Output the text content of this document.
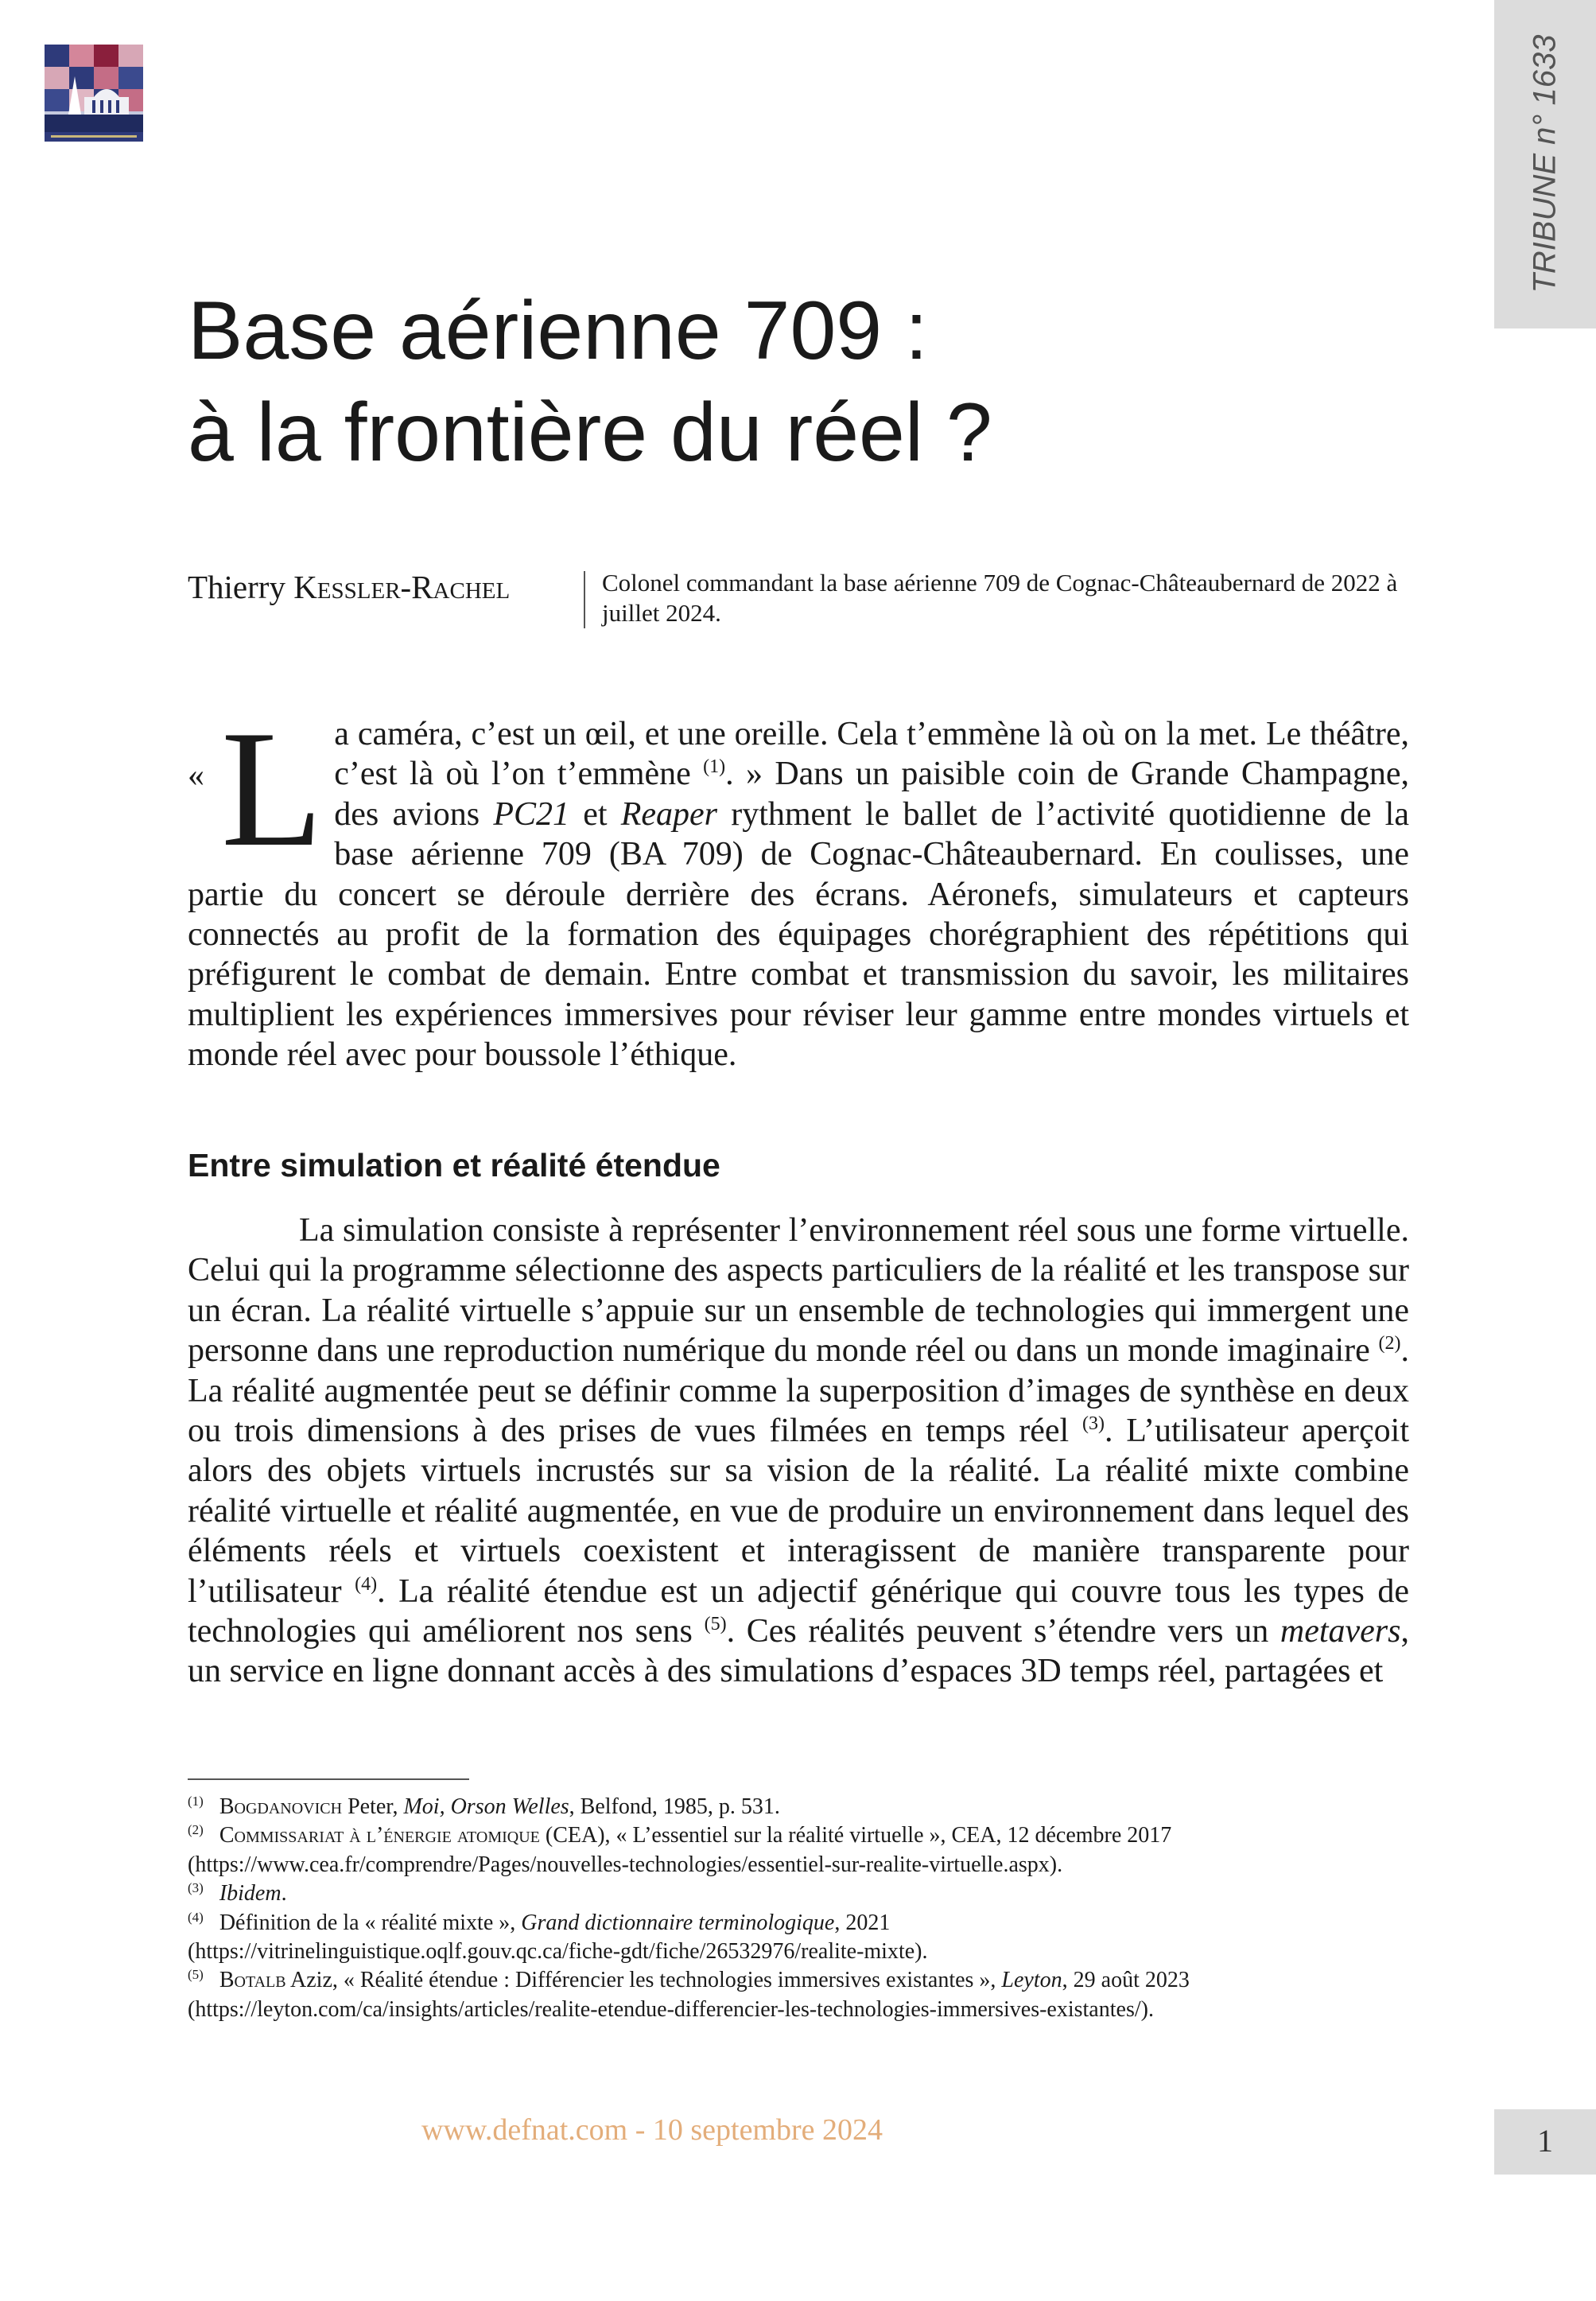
TRIBUNE n° 1633
Base aérienne 709 :
à la frontière du réel ?
Thierry Kessler-Rachel	Colonel commandant la base aérienne 709 de Cognac-Châteaubernard de 2022 à juillet 2024.
« L a caméra, c’est un œil, et une oreille. Cela t’emmène là où on la met. Le théâtre, c’est là où l’on t’emmène $^{(1)}$. » Dans un paisible coin de Grande Champagne, des avions PC21 et Reaper rythment le ballet de l’activité quotidienne de la base aérienne 709 (BA 709) de Cognac-Châteaubernard. En coulisses, une partie du concert se déroule derrière des écrans. Aéronefs, simulateurs et capteurs connectés au profit de la formation des équipages chorégraphient des répétitions qui préfigurent le combat de demain. Entre combat et transmission du savoir, les militaires multiplient les expériences immersives pour réviser leur gamme entre mondes virtuels et monde réel avec pour boussole l’éthique.
Entre simulation et réalité étendue

La simulation consiste à représenter l’environnement réel sous une forme virtuelle. Celui qui la programme sélectionne des aspects particuliers de la réalité et les transpose sur un écran. La réalité virtuelle s’appuie sur un ensemble de technologies qui immergent une personne dans une reproduction numérique du monde réel ou dans un monde imaginaire $^{(2)}$. La réalité augmentée peut se définir comme la superposition d’images de synthèse en deux ou trois dimensions à des prises de vues filmées en temps réel $^{(3)}$. L’utilisateur aperçoit alors des objets virtuels incrustés sur sa vision de la réalité. La réalité mixte combine réalité virtuelle et réalité augmentée, en vue de produire un environnement dans lequel des éléments réels et virtuels coexistent et interagissent de manière transparente pour l’utilisateur $^{(4)}$. La réalité étendue est un adjectif générique qui couvre tous les types de technologies qui améliorent nos sens $^{(5)}$. Ces réalités peuvent s’étendre vers un metavers, un service en ligne donnant accès à des simulations d’espaces 3D temps réel, partagées et

$^{(1)}$ Bogdanovich Peter, Moi, Orson Welles, Belfond, 1985, p. 531.

$^{(2)}$ Commissariat à l’énergie atomique (CEA), « L’essentiel sur la réalité virtuelle », CEA, 12 décembre 2017
(https://www.cea.fr/comprendre/Pages/nouvelles-technologies/essentiel-sur-realite-virtuelle.aspx).

$^{(3)}$ Ibidem.

$^{(4)}$ Définition de la « réalité mixte », Grand dictionnaire terminologique, 2021
(https://vitrinelinguistique.oqlf.gouv.qc.ca/fiche-gdt/fiche/26532976/realite-mixte).

$^{(5)}$ Botalb Aziz, « Réalité étendue : Différencier les technologies immersives existantes », Leyton, 29 août 2023
(https://leyton.com/ca/insights/articles/realite-etendue-differencier-les-technologies-immersives-existantes/).

www.defnat.com - 10 septembre 2024	1
